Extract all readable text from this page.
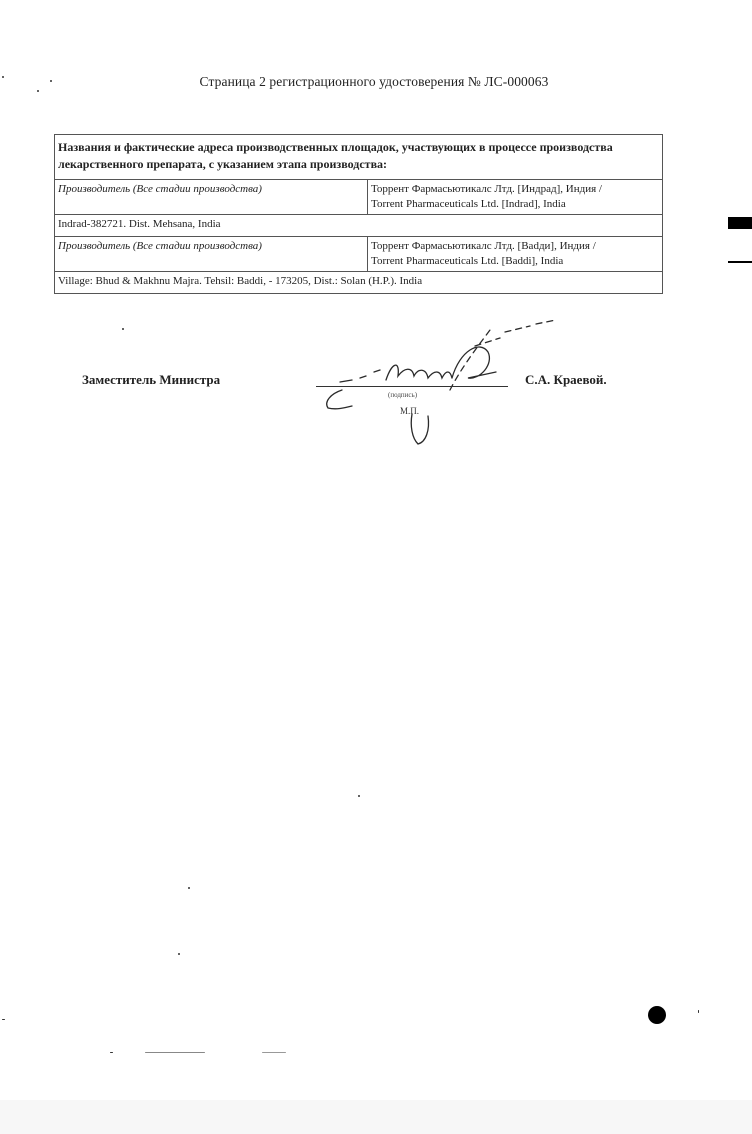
Страница 2 регистрационного удостоверения № ЛС-000063
Названия и фактические адреса производственных площадок, участвующих в процессе производства лекарственного препарата, с указанием этапа производства:	
Производитель (Все стадии производства)	Торрент Фармасьютикалс Лтд. [Индрад], Индия /
Torrent Pharmaceuticals Ltd. [Indrad], India

Indrad-382721. Dist. Mehsana, India	
Производитель (Все стадии производства)	Торрент Фармасьютикалс Лтд. [Badди], Индия /
Torrent Pharmaceuticals Ltd. [Baddi], India

Village: Bhud & Makhnu Majra. Tehsil: Baddi, - 173205, Dist.: Solan (H.P.). India	
Заместитель Министра
(подпись)
М.П.
С.А. Краевой.
